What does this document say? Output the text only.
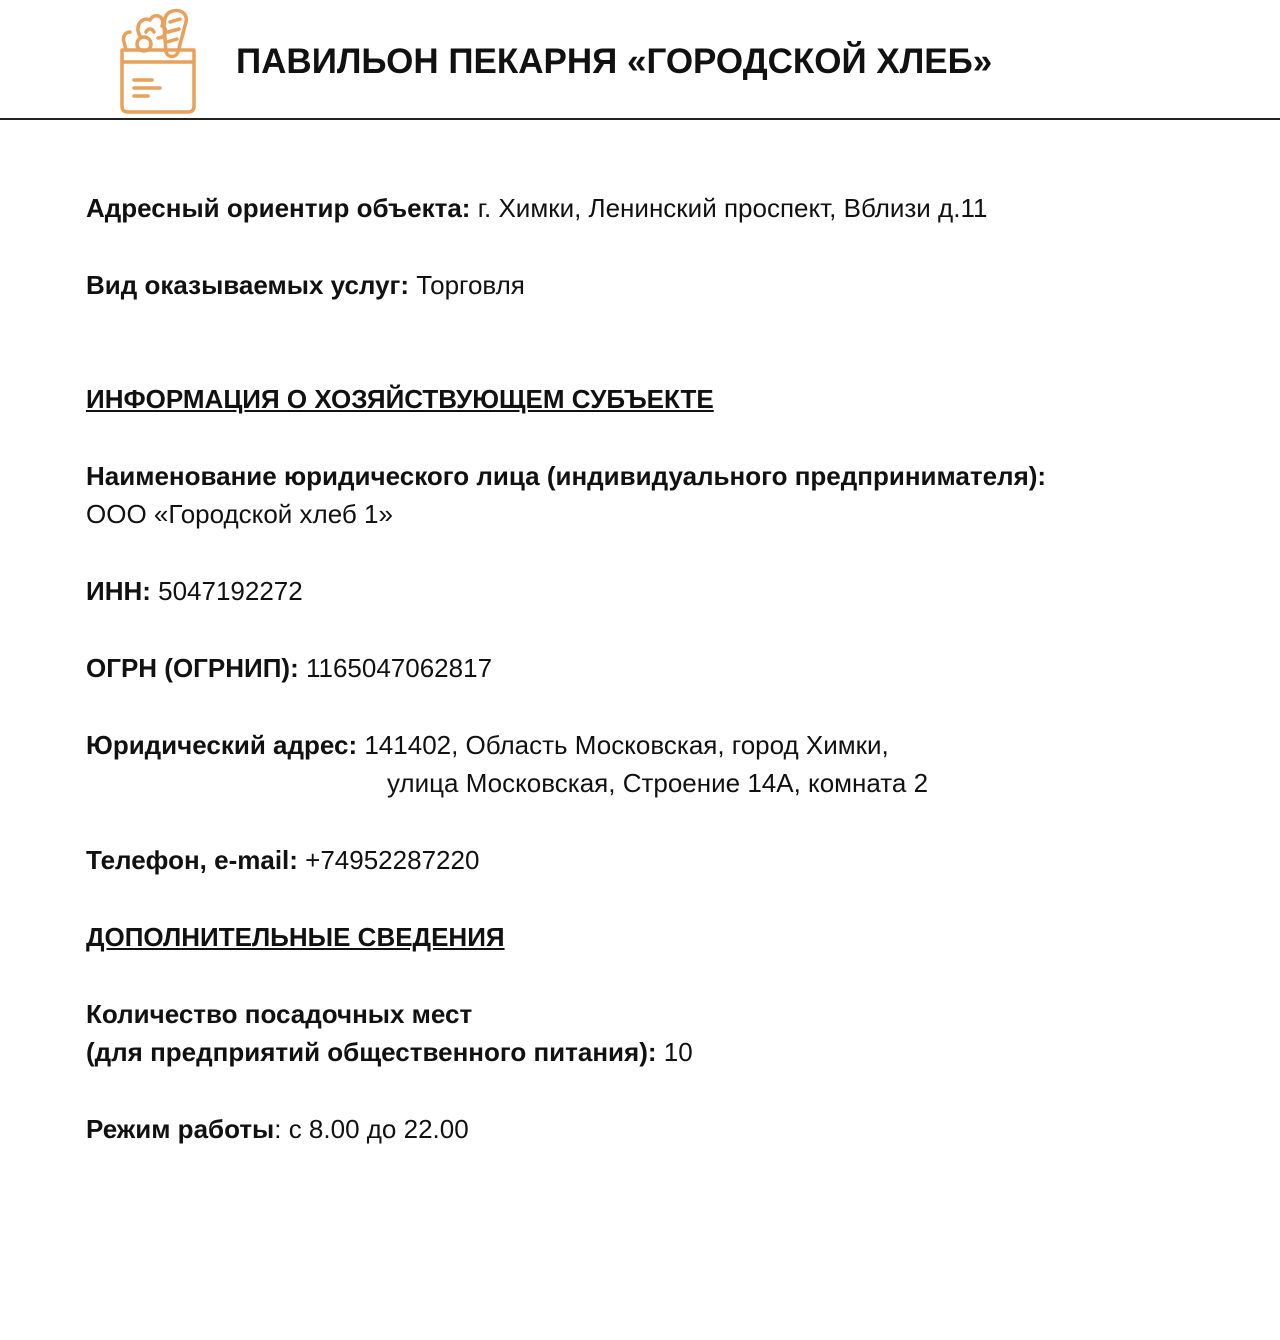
ПАВИЛЬОН ПЕКАРНЯ «ГОРОДСКОЙ ХЛЕБ»
Адресный ориентир объекта: г. Химки, Ленинский проспект, Вблизи д.11
Вид оказываемых услуг: Торговля
ИНФОРМАЦИЯ О ХОЗЯЙСТВУЮЩЕМ СУБЪЕКТЕ
Наименование юридического лица (индивидуального предпринимателя):
ООО «Городской хлеб 1»
ИНН: 5047192272
ОГРН (ОГРНИП): 1165047062817
Юридический адрес: 141402, Область Московская, город Химки,
улица Московская, Строение 14А, комната 2
Телефон, e-mail: +74952287220
ДОПОЛНИТЕЛЬНЫЕ СВЕДЕНИЯ
Количество посадочных мест
(для предприятий общественного питания): 10
Режим работы: с 8.00 до 22.00
